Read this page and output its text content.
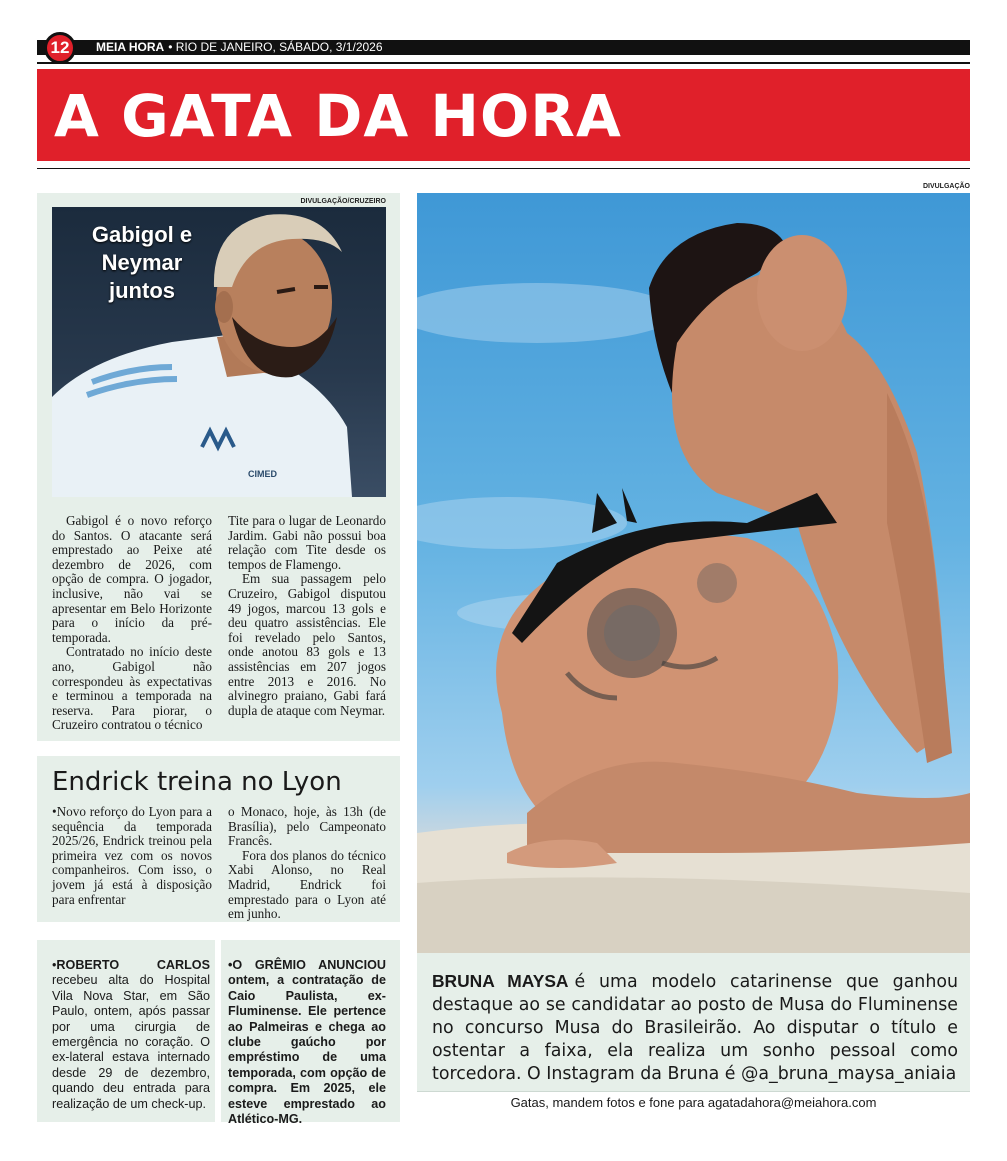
12	MEIA HORA • RIO DE JANEIRO, SÁBADO, 3/1/2026
A GATA DA HORA
DIVULGAÇÃO/CRUZEIRO
Gabigol e Neymar juntos
CIMED

Gabigol é o novo reforço do Santos. O atacante será emprestado ao Peixe até dezembro de 2026, com opção de compra. O jogador, inclusive, não vai se apresentar em Belo Horizonte para o início da pré-temporada.

Contratado no início deste ano, Gabigol não correspondeu às expectativas e terminou a temporada na reserva. Para piorar, o Cruzeiro contratou o técnico

Tite para o lugar de Leonardo Jardim. Gabi não possui boa relação com Tite desde os tempos de Flamengo.

Em sua passagem pelo Cruzeiro, Gabigol disputou 49 jogos, marcou 13 gols e deu quatro assistências. Ele foi revelado pelo Santos, onde anotou 83 gols e 13 assistências em 207 jogos entre 2013 e 2016. No alvinegro praiano, Gabi fará dupla de ataque com Neymar.

Endrick treina no Lyon

• Novo reforço do Lyon para a sequência da temporada 2025/26, Endrick treinou pela primeira vez com os novos companheiros. Com isso, o jovem já está à disposição para enfrentar

o Monaco, hoje, às 13h (de Brasília), pelo Campeonato Francês.

Fora dos planos do técnico Xabi Alonso, no Real Madrid, Endrick foi emprestado para o Lyon até em junho.

• ROBERTO CARLOS recebeu alta do Hospital Vila Nova Star, em São Paulo, ontem, após passar por uma cirurgia de emergência no coração. O ex-lateral estava internado desde 29 de dezembro, quando deu entrada para realização de um check-up.
• O GRÊMIO ANUNCIOU ontem, a contratação de Caio Paulista, ex-Fluminense. Ele pertence ao Palmeiras e chega ao clube gaúcho por empréstimo de uma temporada, com opção de compra. Em 2025, ele esteve emprestado ao Atlético-MG.
DIVULGAÇÃO
BRUNA MAYSA é uma modelo catarinense que ganhou destaque ao se candidatar ao posto de Musa do Fluminense no concurso Musa do Brasileirão. Ao disputar o título e ostentar a faixa, ela realiza um sonho pessoal como torcedora. O Instagram da Bruna é @a_bruna_maysa_aniaia
Gatas, mandem fotos e fone para agatadahora@meiahora.com
